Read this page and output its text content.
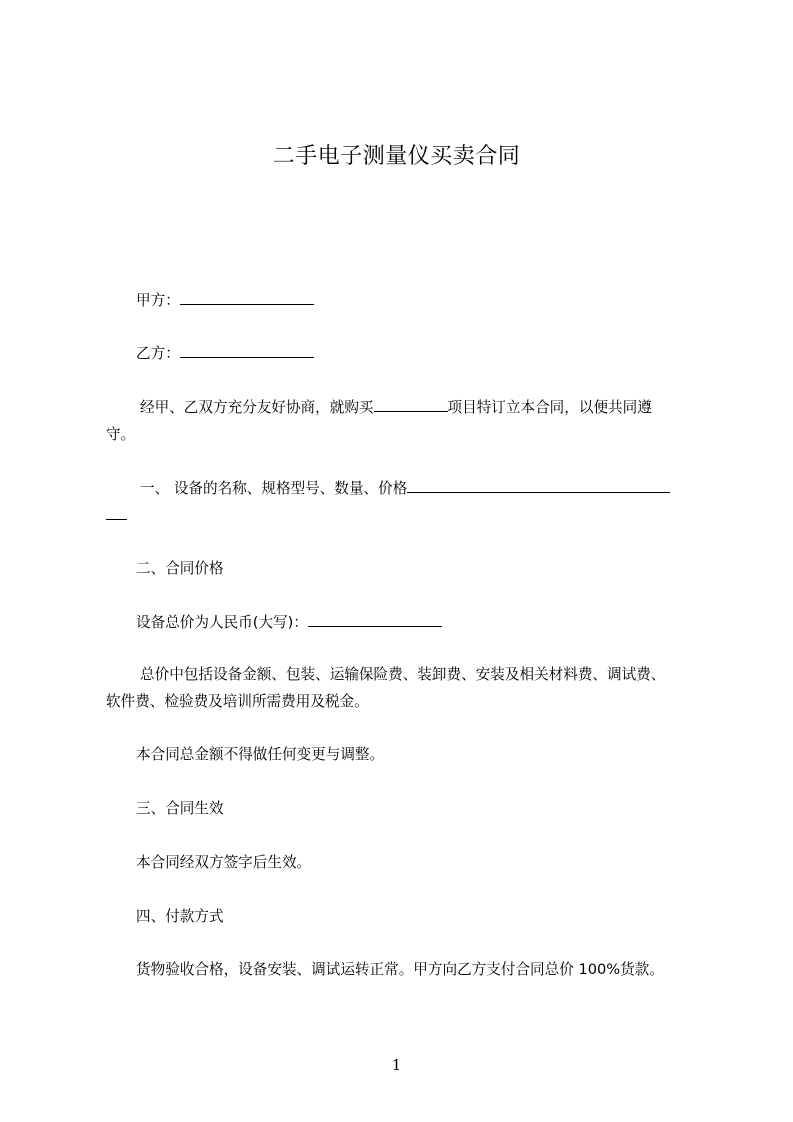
二手电子测量仪买卖合同
甲方：
乙方：
经甲、乙双方充分友好协商，就购买	项目特订立本合同，以便共同遵
守。
一、 设备的名称、规格型号、数量、价格
二、合同价格
设备总价为人民币(大写)：
总价中包括设备金额、包装、运输保险费、装卸费、安装及相关材料费、调试费、
软件费、检验费及培训所需费用及税金。
本合同总金额不得做任何变更与调整。
三、合同生效
本合同经双方签字后生效。
四、付款方式
货物验收合格，设备安装、调试运转正常。甲方向乙方支付合同总价 100%货款。
1
